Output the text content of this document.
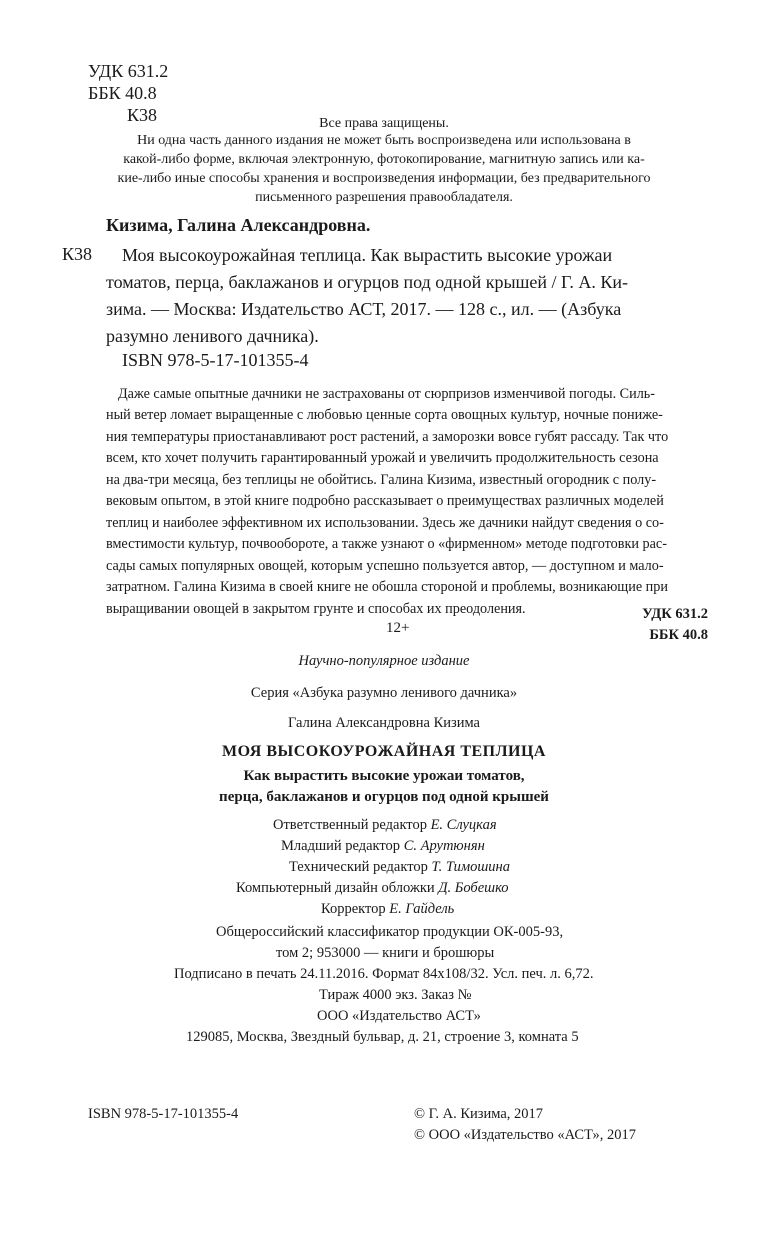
УДК 631.2
ББК 40.8
К38	Все права защищены.
Ни одна часть данного издания не может быть воспроизведена или использована в
какой-либо форме, включая электронную, фотокопирование, магнитную запись или ка-
кие-либо иные способы хранения и воспроизведения информации, без предварительного
письменного разрешения правообладателя.
Кизима, Галина Александровна.
К38 Моя высокоурожайная теплица. Как вырастить высокие урожаи
томатов, перца, баклажанов и огурцов под одной крышей / Г. А. Ки-
зима. — Москва: Издательство АСТ, 2017. — 128 с., ил. — (Азбука
разумно ленивого дачника).
ISBN 978-5-17-101355-4
Даже самые опытные дачники не застрахованы от сюрпризов изменчивой погоды. Силь-
ный ветер ломает выращенные с любовью ценные сорта овощных культур, ночные пониже-
ния температуры приостанавливают рост растений, а заморозки вовсе губят рассаду. Так что
всем, кто хочет получить гарантированный урожай и увеличить продолжительность сезона
на два-три месяца, без теплицы не обойтись. Галина Кизима, известный огородник с полу-
вековым опытом, в этой книге подробно рассказывает о преимуществах различных моделей
теплиц и наиболее эффективном их использовании. Здесь же дачники найдут сведения о со-
вместимости культур, почвообороте, а также узнают о «фирменном» методе подготовки рас-
сады самых популярных овощей, которым успешно пользуется автор, — доступном и мало-
затратном. Галина Кизима в своей книге не обошла стороной и проблемы, возникающие при
выращивании овощей в закрытом грунте и способах их преодоления.	УДК 631.2
ББК 40.8
12+
Научно-популярное издание
Серия «Азбука разумно ленивого дачника»
Галина Александровна Кизима
МОЯ ВЫСОКОУРОЖАЙНАЯ ТЕПЛИЦА
Как вырастить высокие урожаи томатов,
перца, баклажанов и огурцов под одной крышей
Ответственный редактор Е. Слуцкая
Младший редактор С. Арутюнян
Технический редактор Т. Тимошина
Компьютерный дизайн обложки Д. Бобешко
Корректор Е. Гайдель
Общероссийский классификатор продукции ОК-005-93,
том 2; 953000 — книги и брошюры
Подписано в печать 24.11.2016. Формат 84x108/32. Усл. печ. л. 6,72.
Тираж 4000 экз. Заказ №
ООО «Издательство АСТ»
129085, Москва, Звездный бульвар, д. 21, строение 3, комната 5
ISBN 978-5-17-101355-4	© Г. А. Кизима, 2017
© ООО «Издательство «АСТ», 2017
